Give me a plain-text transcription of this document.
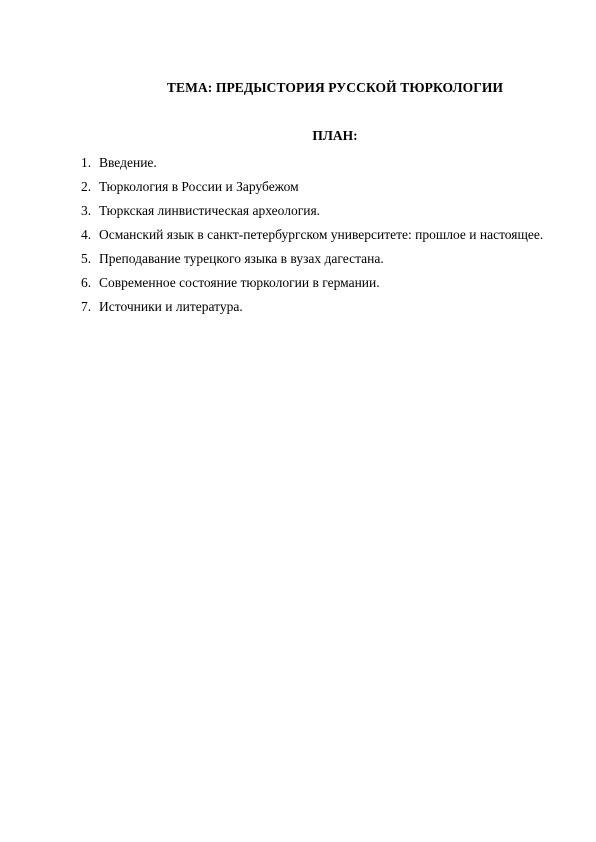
ТЕМА: ПРЕДЫСТОРИЯ РУССКОЙ ТЮРКОЛОГИИ
ПЛАН:
1. Введение.
2. Тюркология в России и Зарубежом
3. Тюркская линвистическая археология.
4. Османский язык в санкт-петербургском университете: прошлое и настоящее.
5. Преподавание турецкого языка в вузах дагестана.
6. Современное состояние тюркологии в германии.
7. Источники и литература.
